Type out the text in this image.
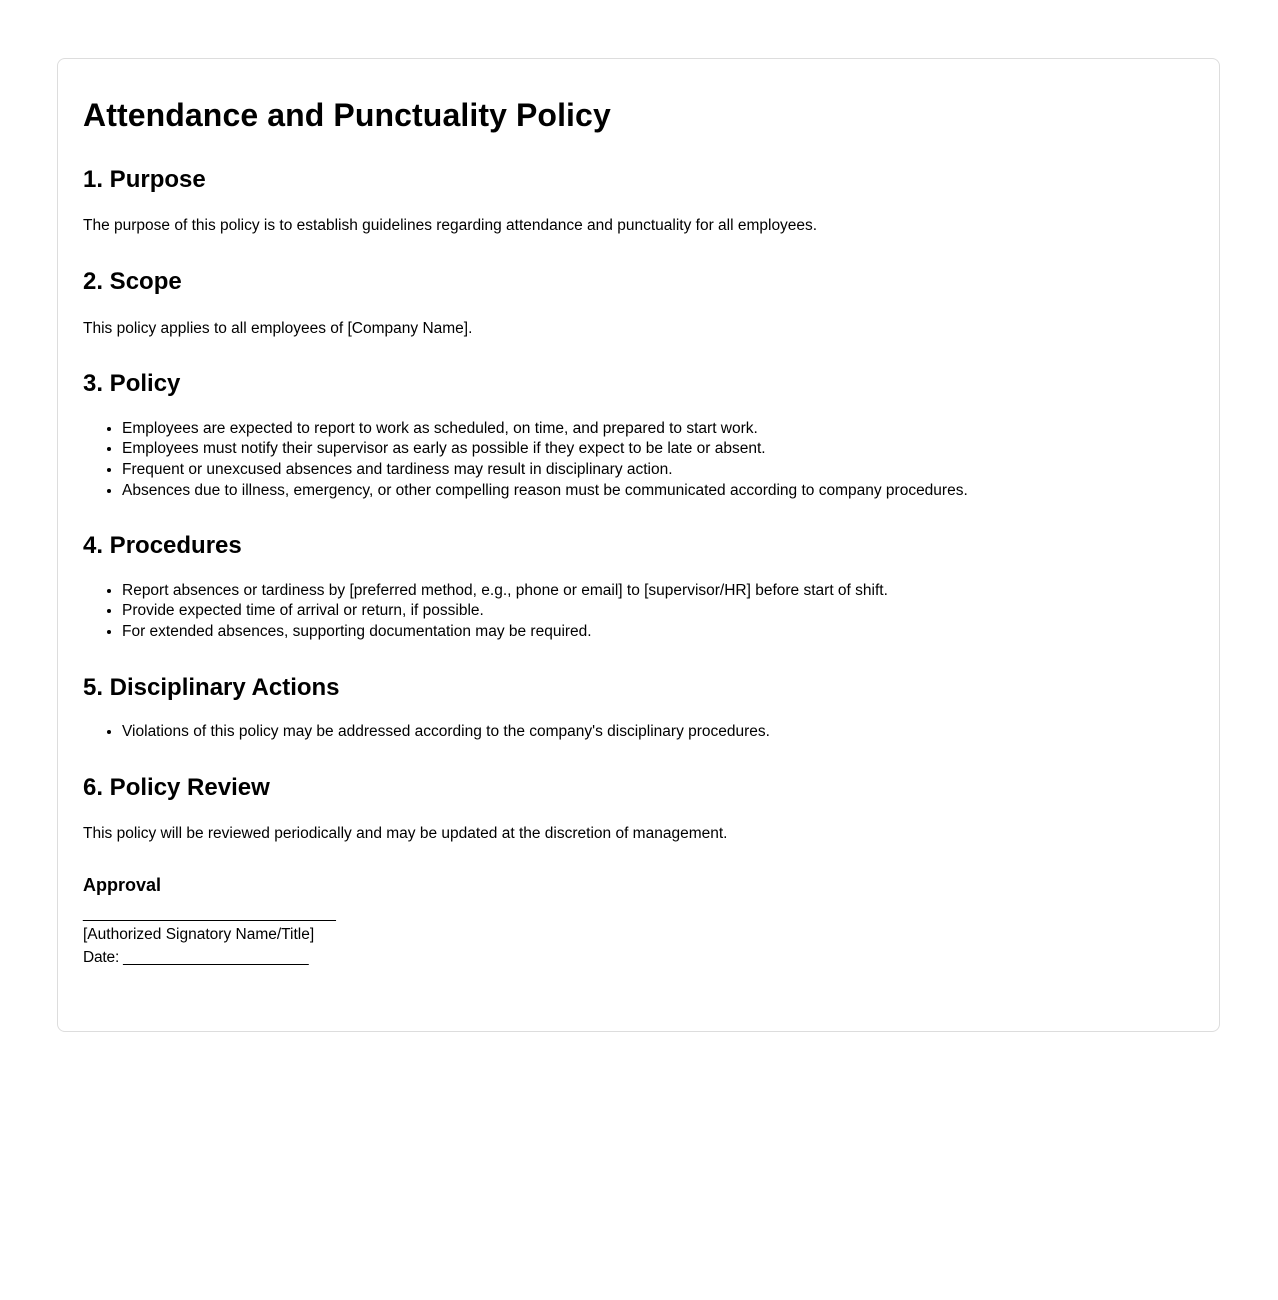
Attendance and Punctuality Policy
1. Purpose

The purpose of this policy is to establish guidelines regarding attendance and punctuality for all employees.

2. Scope

This policy applies to all employees of [Company Name].

3. Policy
• Employees are expected to report to work as scheduled, on time, and prepared to start work.
• Employees must notify their supervisor as early as possible if they expect to be late or absent.
• Frequent or unexcused absences and tardiness may result in disciplinary action.
• Absences due to illness, emergency, or other compelling reason must be communicated according to company procedures.
4. Procedures
• Report absences or tardiness by [preferred method, e.g., phone or email] to [supervisor/HR] before start of shift.
• Provide expected time of arrival or return, if possible.
• For extended absences, supporting documentation may be required.
5. Disciplinary Actions
• Violations of this policy may be addressed according to the company's disciplinary procedures.
6. Policy Review

This policy will be reviewed periodically and may be updated at the discretion of management.

Approval

______________________________

[Authorized Signatory Name/Title]

Date: ______________________
